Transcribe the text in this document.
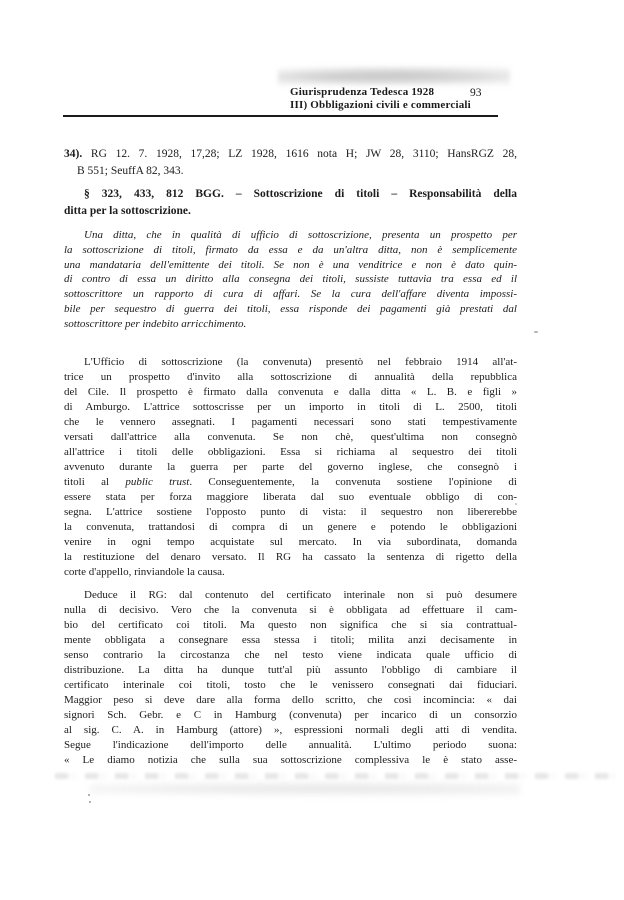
Giurisprudenza Tedesca 1928
III) Obbligazioni civili e commerciali
93
34). RG 12. 7. 1928, 17,28; LZ 1928, 1616 nota H; JW 28, 3110; HansRGZ 28,
B 551; SeuffA 82, 343.
§ 323, 433, 812 BGG. – Sottoscrizione di titoli – Responsabilità della
ditta per la sottoscrizione.
Una ditta, che in qualità di ufficio di sottoscrizione, presenta un prospetto per
la sottoscrizione di titoli, firmato da essa e da un'altra ditta, non è semplicemente
una mandataria dell'emittente dei titoli. Se non è una venditrice e non è dato quin-
di contro di essa un diritto alla consegna dei titoli, sussiste tuttavia tra essa ed il
sottoscrittore un rapporto di cura di affari. Se la cura dell'affare diventa impossi-
bile per sequestro di guerra dei titoli, essa risponde dei pagamenti già prestati dal
sottoscrittore per indebito arricchimento.
L'Ufficio di sottoscrizione (la convenuta) presentò nel febbraio 1914 all'at-
trice un prospetto d'invito alla sottoscrizione di annualità della repubblica
del Cile. Il prospetto è firmato dalla convenuta e dalla ditta « L. B. e figli »
di Amburgo. L'attrice sottoscrisse per un importo in titoli di L. 2500, titoli
che le vennero assegnati. I pagamenti necessari sono stati tempestivamente
versati dall'attrice alla convenuta. Se non chè, quest'ultima non consegnò
all'attrice i titoli delle obbligazioni. Essa si richiama al sequestro dei titoli
avvenuto durante la guerra per parte del governo inglese, che consegnò i
titoli al public trust. Conseguentemente, la convenuta sostiene l'opinione di
essere stata per forza maggiore liberata dal suo eventuale obbligo di con-
segna. L'attrice sostiene l'opposto punto di vista: il sequestro non libererebbe
la convenuta, trattandosi di compra di un genere e potendo le obbligazioni
venire in ogni tempo acquistate sul mercato. In via subordinata, domanda
la restituzione del denaro versato. Il RG ha cassato la sentenza di rigetto della
corte d'appello, rinviandole la causa.
Deduce il RG: dal contenuto del certificato interinale non si può desumere
nulla di decisivo. Vero che la convenuta si è obbligata ad effettuare il cam-
bio del certificato coi titoli. Ma questo non significa che si sia contrattual-
mente obbligata a consegnare essa stessa i titoli; milita anzi decisamente in
senso contrario la circostanza che nel testo viene indicata quale ufficio di
distribuzione. La ditta ha dunque tutt'al più assunto l'obbligo di cambiare il
certificato interinale coi titoli, tosto che le venissero consegnati dai fiduciari.
Maggior peso si deve dare alla forma dello scritto, che così incomincia: « dai
signori Sch. Gebr. e C in Hamburg (convenuta) per incarico di un consorzio
al sig. C. A. in Hamburg (attore) », espressioni normali degli atti di vendita.
Segue l'indicazione dell'importo delle annualità. L'ultimo periodo suona:
« Le diamo notizia che sulla sua sottoscrizione complessiva le è stato asse-
